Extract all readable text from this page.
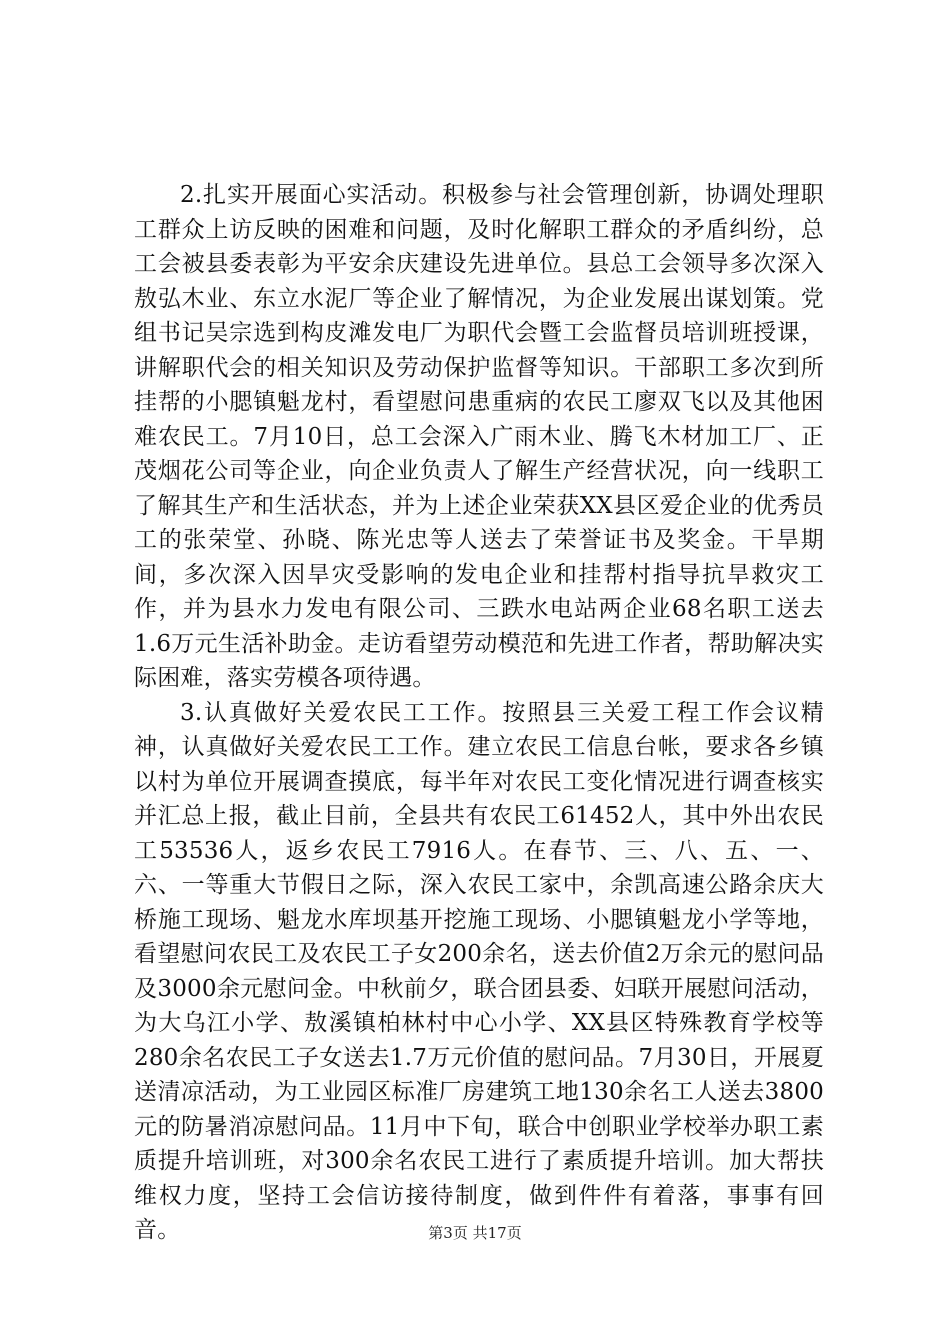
2.扎实开展面心实活动。积极参与社会管理创新，协调处理职工群众上访反映的困难和问题，及时化解职工群众的矛盾纠纷，总工会被县委表彰为平安余庆建设先进单位。县总工会领导多次深入敖弘木业、东立水泥厂等企业了解情况，为企业发展出谋划策。党组书记吴宗选到构皮滩发电厂为职代会暨工会监督员培训班授课，讲解职代会的相关知识及劳动保护监督等知识。干部职工多次到所挂帮的小腮镇魁龙村，看望慰问患重病的农民工廖双飞以及其他困难农民工。7月10日，总工会深入广雨木业、腾飞木材加工厂、正茂烟花公司等企业，向企业负责人了解生产经营状况，向一线职工了解其生产和生活状态，并为上述企业荣获XX县区爱企业的优秀员工的张荣堂、孙晓、陈光忠等人送去了荣誉证书及奖金。干旱期间，多次深入因旱灾受影响的发电企业和挂帮村指导抗旱救灾工作，并为县水力发电有限公司、三跌水电站两企业68名职工送去1.6万元生活补助金。走访看望劳动模范和先进工作者，帮助解决实际困难，落实劳模各项待遇。

3.认真做好关爱农民工工作。按照县三关爱工程工作会议精神，认真做好关爱农民工工作。建立农民工信息台帐，要求各乡镇以村为单位开展调查摸底，每半年对农民工变化情况进行调查核实并汇总上报，截止目前，全县共有农民工61452人，其中外出农民工53536人，返乡农民工7916人。在春节、三、八、五、一、六、一等重大节假日之际，深入农民工家中，余凯高速公路余庆大桥施工现场、魁龙水库坝基开挖施工现场、小腮镇魁龙小学等地，看望慰问农民工及农民工子女200余名，送去价值2万余元的慰问品及3000余元慰问金。中秋前夕，联合团县委、妇联开展慰问活动，为大乌江小学、敖溪镇柏林村中心小学、XX县区特殊教育学校等280余名农民工子女送去1.7万元价值的慰问品。7月30日，开展夏送清凉活动，为工业园区标准厂房建筑工地130余名工人送去3800元的防暑消凉慰问品。11月中下旬，联合中创职业学校举办职工素质提升培训班，对300余名农民工进行了素质提升培训。加大帮扶维权力度，坚持工会信访接待制度，做到件件有着落，事事有回音。	第3页 共17页
